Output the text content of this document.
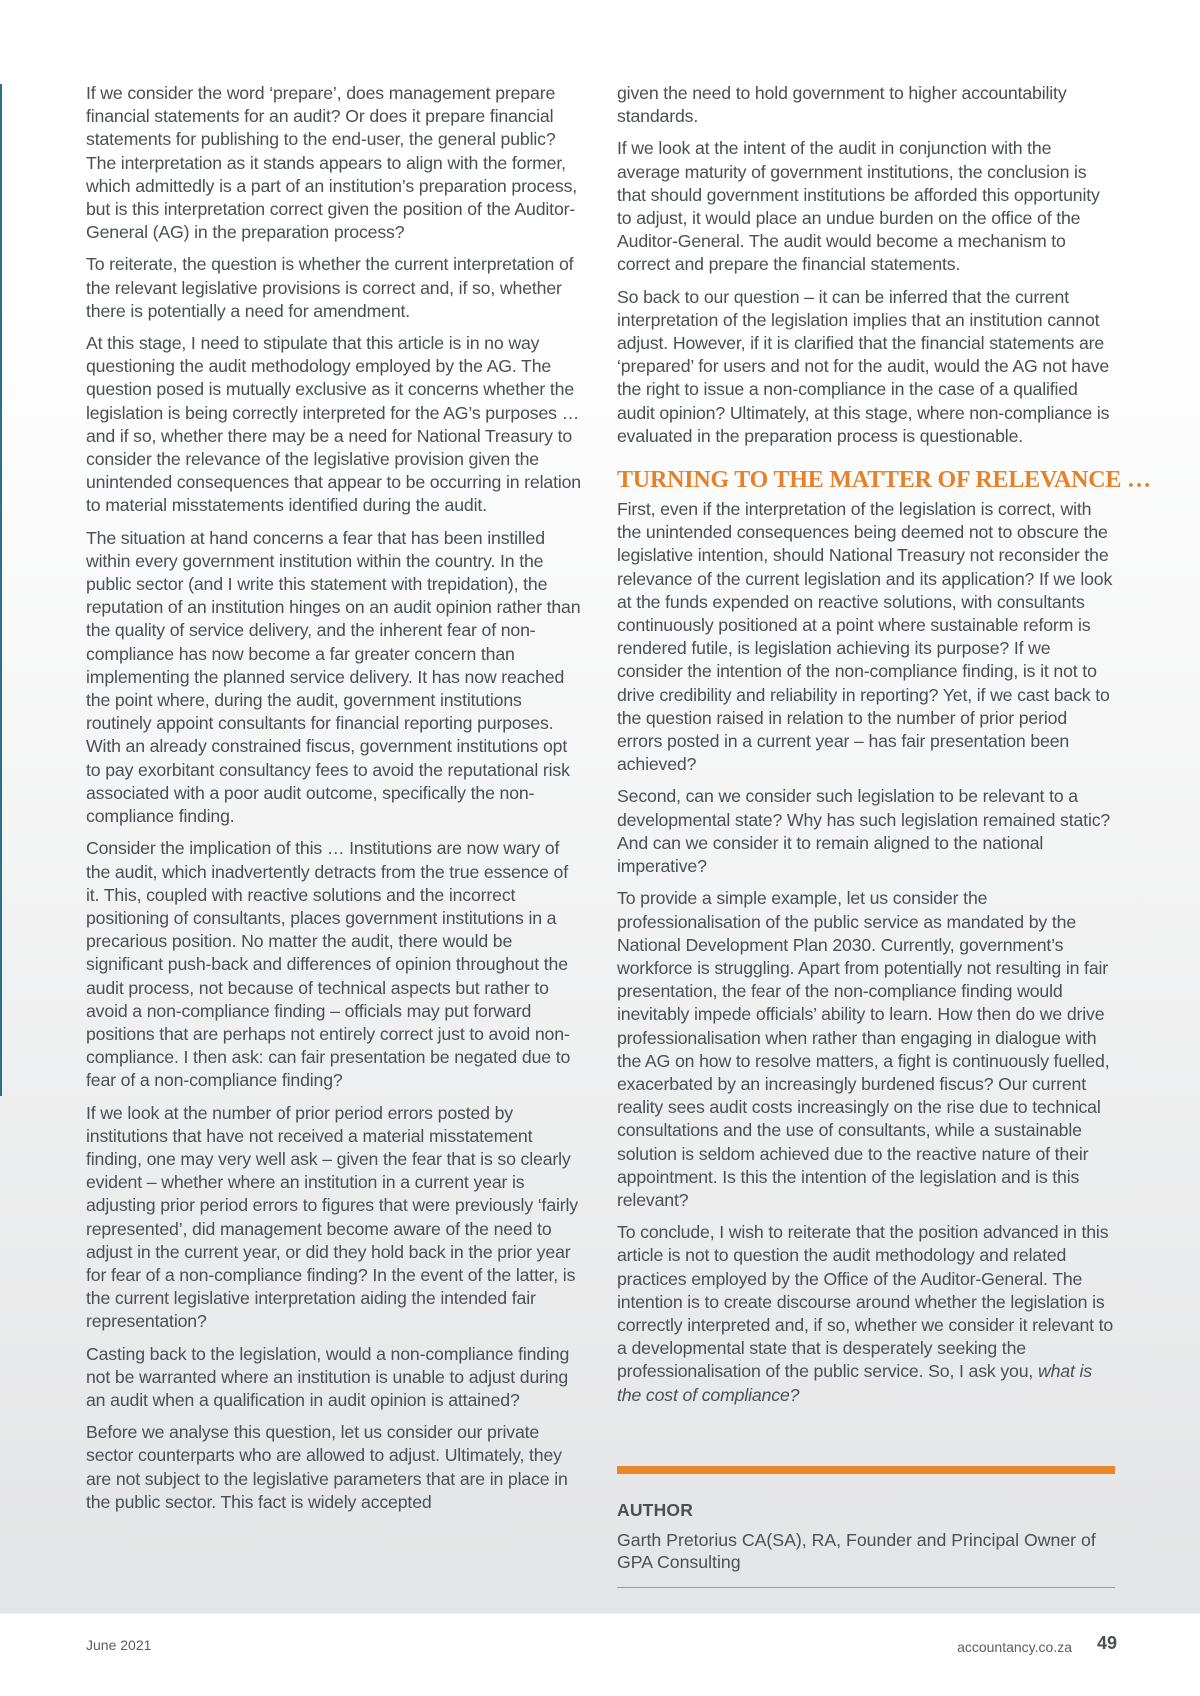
If we consider the word ‘prepare’, does management prepare financial statements for an audit? Or does it prepare financial statements for publishing to the end-user, the general public? The interpretation as it stands appears to align with the former, which admittedly is a part of an institution’s preparation process, but is this interpretation correct given the position of the Auditor-General (AG) in the preparation process?

To reiterate, the question is whether the current interpretation of the relevant legislative provisions is correct and, if so, whether there is potentially a need for amendment.

At this stage, I need to stipulate that this article is in no way questioning the audit methodology employed by the AG. The question posed is mutually exclusive as it concerns whether the legislation is being correctly interpreted for the AG’s purposes … and if so, whether there may be a need for National Treasury to consider the relevance of the legislative provision given the unintended consequences that appear to be occurring in relation to material misstatements identified during the audit.

The situation at hand concerns a fear that has been instilled within every government institution within the country. In the public sector (and I write this statement with trepidation), the reputation of an institution hinges on an audit opinion rather than the quality of service delivery, and the inherent fear of non-compliance has now become a far greater concern than implementing the planned service delivery. It has now reached the point where, during the audit, government institutions routinely appoint consultants for financial reporting purposes. With an already constrained fiscus, government institutions opt to pay exorbitant consultancy fees to avoid the reputational risk associated with a poor audit outcome, specifically the non-compliance finding.

Consider the implication of this … Institutions are now wary of the audit, which inadvertently detracts from the true essence of it. This, coupled with reactive solutions and the incorrect positioning of consultants, places government institutions in a precarious position. No matter the audit, there would be significant push-back and differences of opinion throughout the audit process, not because of technical aspects but rather to avoid a non-compliance finding – officials may put forward positions that are perhaps not entirely correct just to avoid non-compliance. I then ask: can fair presentation be negated due to fear of a non-compliance finding?

If we look at the number of prior period errors posted by institutions that have not received a material misstatement finding, one may very well ask – given the fear that is so clearly evident – whether where an institution in a current year is adjusting prior period errors to figures that were previously ‘fairly represented’, did management become aware of the need to adjust in the current year, or did they hold back in the prior year for fear of a non-compliance finding? In the event of the latter, is the current legislative interpretation aiding the intended fair representation?

Casting back to the legislation, would a non-compliance finding not be warranted where an institution is unable to adjust during an audit when a qualification in audit opinion is attained?

Before we analyse this question, let us consider our private sector counterparts who are allowed to adjust. Ultimately, they are not subject to the legislative parameters that are in place in the public sector. This fact is widely accepted

given the need to hold government to higher accountability standards.

If we look at the intent of the audit in conjunction with the average maturity of government institutions, the conclusion is that should government institutions be afforded this opportunity to adjust, it would place an undue burden on the office of the Auditor-General. The audit would become a mechanism to correct and prepare the financial statements.

So back to our question – it can be inferred that the current interpretation of the legislation implies that an institution cannot adjust. However, if it is clarified that the financial statements are ‘prepared’ for users and not for the audit, would the AG not have the right to issue a non-compliance in the case of a qualified audit opinion? Ultimately, at this stage, where non-compliance is evaluated in the preparation process is questionable.

TURNING TO THE MATTER OF RELEVANCE …

First, even if the interpretation of the legislation is correct, with the unintended consequences being deemed not to obscure the legislative intention, should National Treasury not reconsider the relevance of the current legislation and its application? If we look at the funds expended on reactive solutions, with consultants continuously positioned at a point where sustainable reform is rendered futile, is legislation achieving its purpose? If we consider the intention of the non-compliance finding, is it not to drive credibility and reliability in reporting? Yet, if we cast back to the question raised in relation to the number of prior period errors posted in a current year – has fair presentation been achieved?

Second, can we consider such legislation to be relevant to a developmental state? Why has such legislation remained static? And can we consider it to remain aligned to the national imperative?

To provide a simple example, let us consider the professionalisation of the public service as mandated by the National Development Plan 2030. Currently, government’s workforce is struggling. Apart from potentially not resulting in fair presentation, the fear of the non-compliance finding would inevitably impede officials’ ability to learn. How then do we drive professionalisation when rather than engaging in dialogue with the AG on how to resolve matters, a fight is continuously fuelled, exacerbated by an increasingly burdened fiscus? Our current reality sees audit costs increasingly on the rise due to technical consultations and the use of consultants, while a sustainable solution is seldom achieved due to the reactive nature of their appointment. Is this the intention of the legislation and is this relevant?

To conclude, I wish to reiterate that the position advanced in this article is not to question the audit methodology and related practices employed by the Office of the Auditor-General. The intention is to create discourse around whether the legislation is correctly interpreted and, if so, whether we consider it relevant to a developmental state that is desperately seeking the professionalisation of the public service. So, I ask you, what is the cost of compliance?

AUTHOR
Garth Pretorius CA(SA), RA, Founder and Principal Owner of GPA Consulting
June 2021	accountancy.co.za 49
